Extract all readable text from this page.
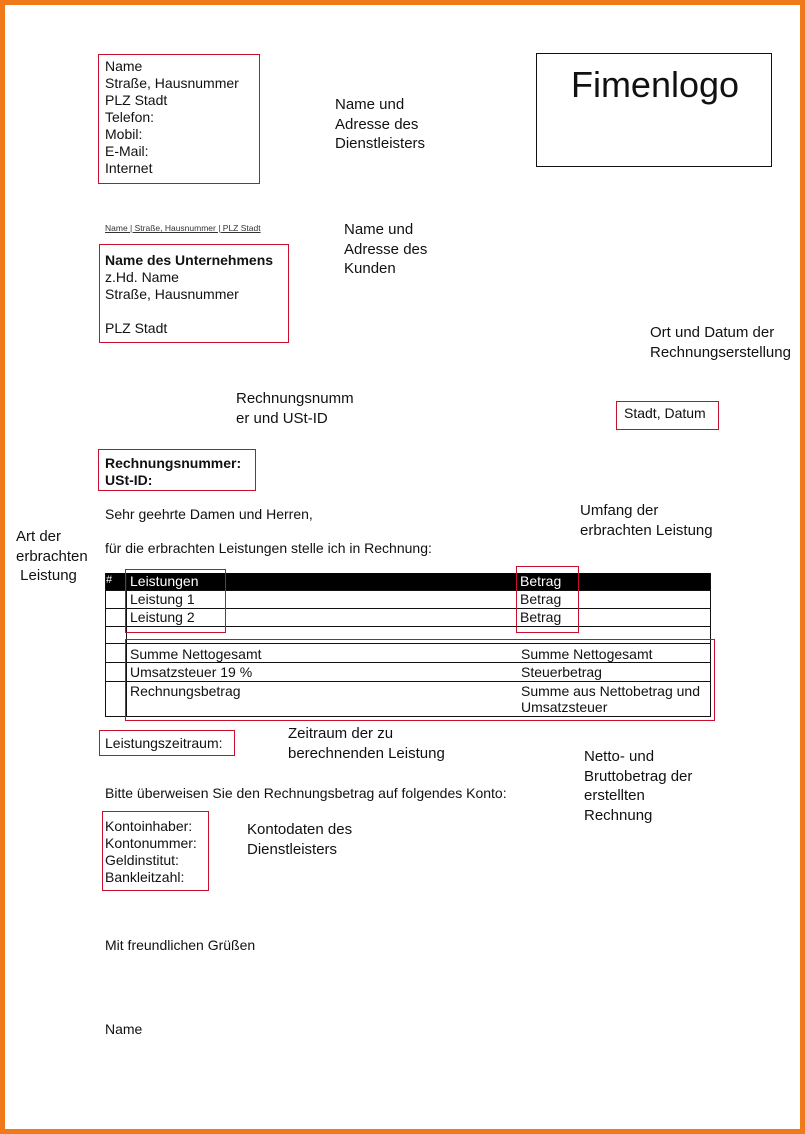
Name
Straße, Hausnummer
PLZ Stadt
Telefon:
Mobil:
E-Mail:
Internet
Fimenlogo
Name | Straße, Hausnummer | PLZ Stadt
Name des Unternehmens
z.Hd. Name
Straße, Hausnummer
PLZ Stadt
Stadt, Datum
Rechnungsnummer:
USt-ID:
Sehr geehrte Damen und Herren,
für die erbrachten Leistungen stelle ich in Rechnung:
# Leistungen	Betrag
Leistung 1	Betrag
Leistung 2	Betrag
Summe Nettogesamt	Summe Nettogesamt
Umsatzsteuer 19 %	Steuerbetrag
Rechnungsbetrag	Summe aus Nettobetrag und
Umsatzsteuer
Leistungszeitraum:
Bitte überweisen Sie den Rechnungsbetrag auf folgendes Konto:
Kontoinhaber:
Kontonummer:
Geldinstitut:
Bankleitzahl:
Mit freundlichen Grüßen
Name
Name und
Adresse des
Dienstleisters
Name und
Adresse des
Kunden
Ort und Datum der
Rechnungserstellung
Rechnungsnumm
er und USt-ID
Umfang der
erbrachten Leistung
Art der
erbrachten
Leistung
Zeitraum der zu
berechnenden Leistung	Netto- und
Bruttobetrag der
erstellten
Rechnung
Kontodaten des
Dienstleisters
